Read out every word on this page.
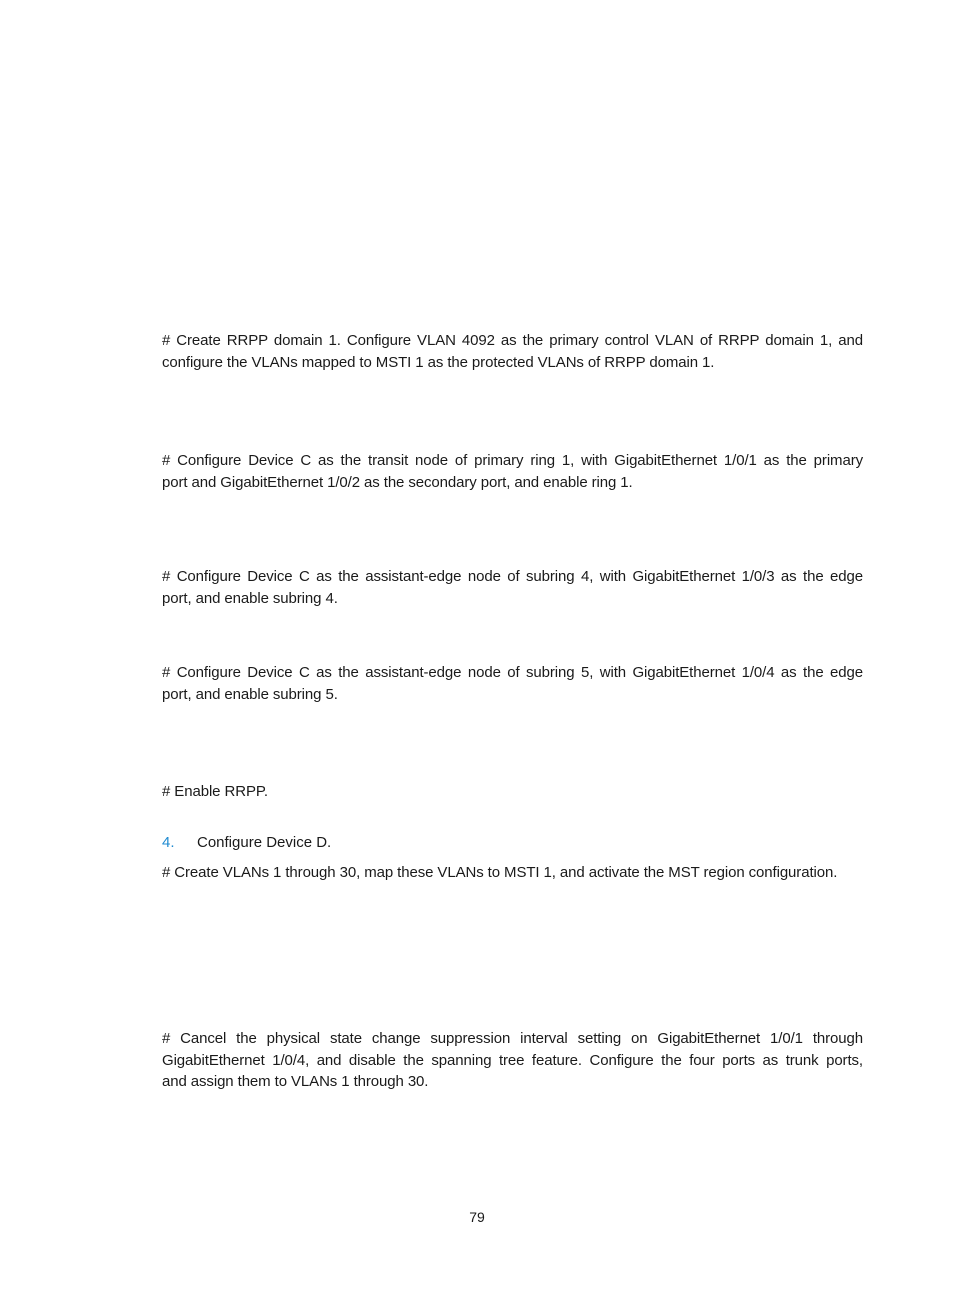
# Create RRPP domain 1. Configure VLAN 4092 as the primary control VLAN of RRPP domain 1, and
configure the VLANs mapped to MSTI 1 as the protected VLANs of RRPP domain 1.

# Configure Device C as the transit node of primary ring 1, with GigabitEthernet 1/0/1 as the primary
port and GigabitEthernet 1/0/2 as the secondary port, and enable ring 1.

# Configure Device C as the assistant-edge node of subring 4, with GigabitEthernet 1/0/3 as the edge
port, and enable subring 4.

# Configure Device C as the assistant-edge node of subring 5, with GigabitEthernet 1/0/4 as the edge
port, and enable subring 5.

# Enable RRPP.

4.	Configure Device D.

# Create VLANs 1 through 30, map these VLANs to MSTI 1, and activate the MST region configuration.

# Cancel the physical state change suppression interval setting on GigabitEthernet 1/0/1 through
GigabitEthernet 1/0/4, and disable the spanning tree feature. Configure the four ports as trunk ports,
and assign them to VLANs 1 through 30.

79
